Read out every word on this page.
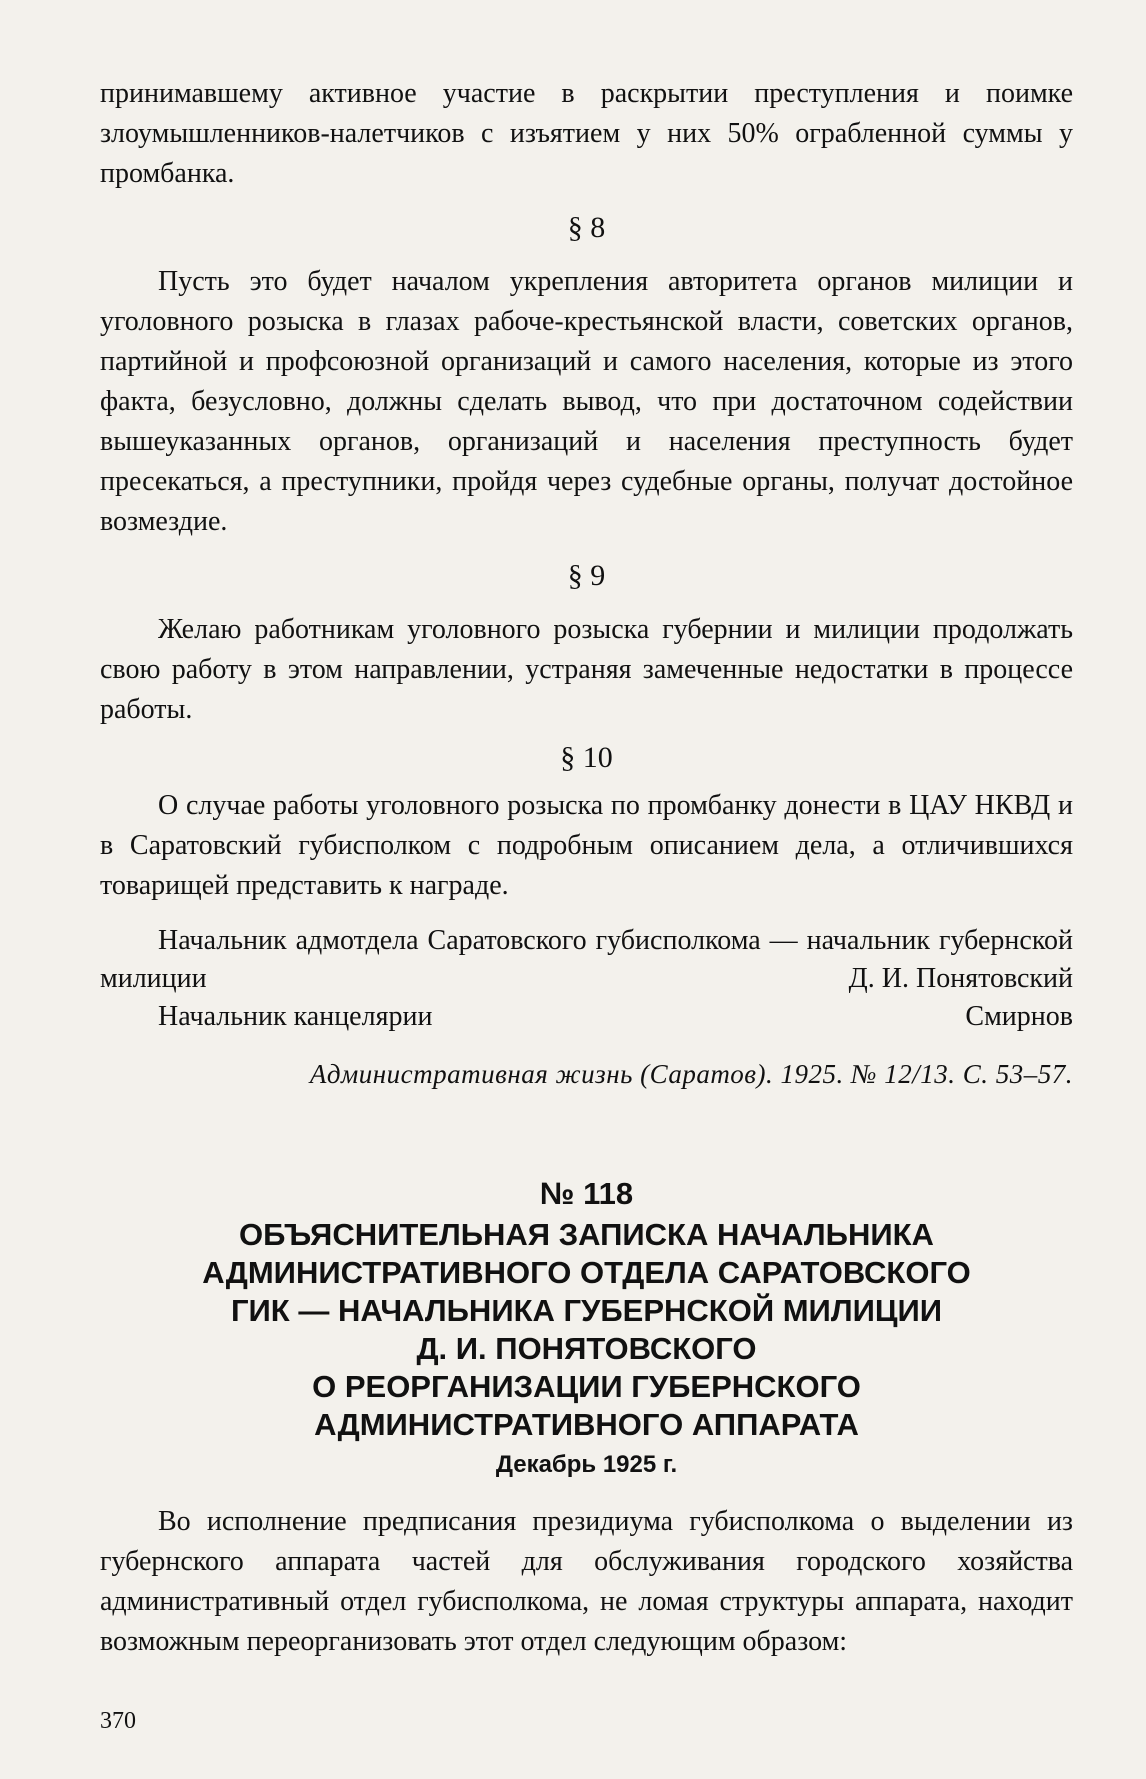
принимавшему активное участие в раскрытии преступления и поимке злоумышленников-налетчиков с изъятием у них 50% ограбленной суммы у промбанка.

§ 8

Пусть это будет началом укрепления авторитета органов милиции и уголовного розыска в глазах рабоче-крестьянской власти, советских органов, партийной и профсоюзной организаций и самого населения, которые из этого факта, безусловно, должны сделать вывод, что при достаточном содействии вышеуказанных органов, организаций и населения преступность будет пресекаться, а преступники, пройдя через судебные органы, получат достойное возмездие.

§ 9

Желаю работникам уголовного розыска губернии и милиции продолжать свою работу в этом направлении, устраняя замеченные недостатки в процессе работы.

§ 10

О случае работы уголовного розыска по промбанку донести в ЦАУ НКВД и в Саратовский губисполком с подробным описанием дела, а отличившихся товарищей представить к награде.

Начальник адмотдела Саратовского губисполкома — начальник губернской милиции	Д. И. Понятовский
Начальник канцелярии	Смирнов
Административная жизнь (Саратов). 1925. № 12/13. С. 53–57.
№ 118
ОБЪЯСНИТЕЛЬНАЯ ЗАПИСКА НАЧАЛЬНИКА
АДМИНИСТРАТИВНОГО ОТДЕЛА САРАТОВСКОГО
ГИК — НАЧАЛЬНИКА ГУБЕРНСКОЙ МИЛИЦИИ
Д. И. ПОНЯТОВСКОГО
О РЕОРГАНИЗАЦИИ ГУБЕРНСКОГО
АДМИНИСТРАТИВНОГО АППАРАТА
Декабрь 1925 г.

Во исполнение предписания президиума губисполкома о выделении из губернского аппарата частей для обслуживания городского хозяйства административный отдел губисполкома, не ломая структуры аппарата, находит возможным переорганизовать этот отдел следующим образом:

370
